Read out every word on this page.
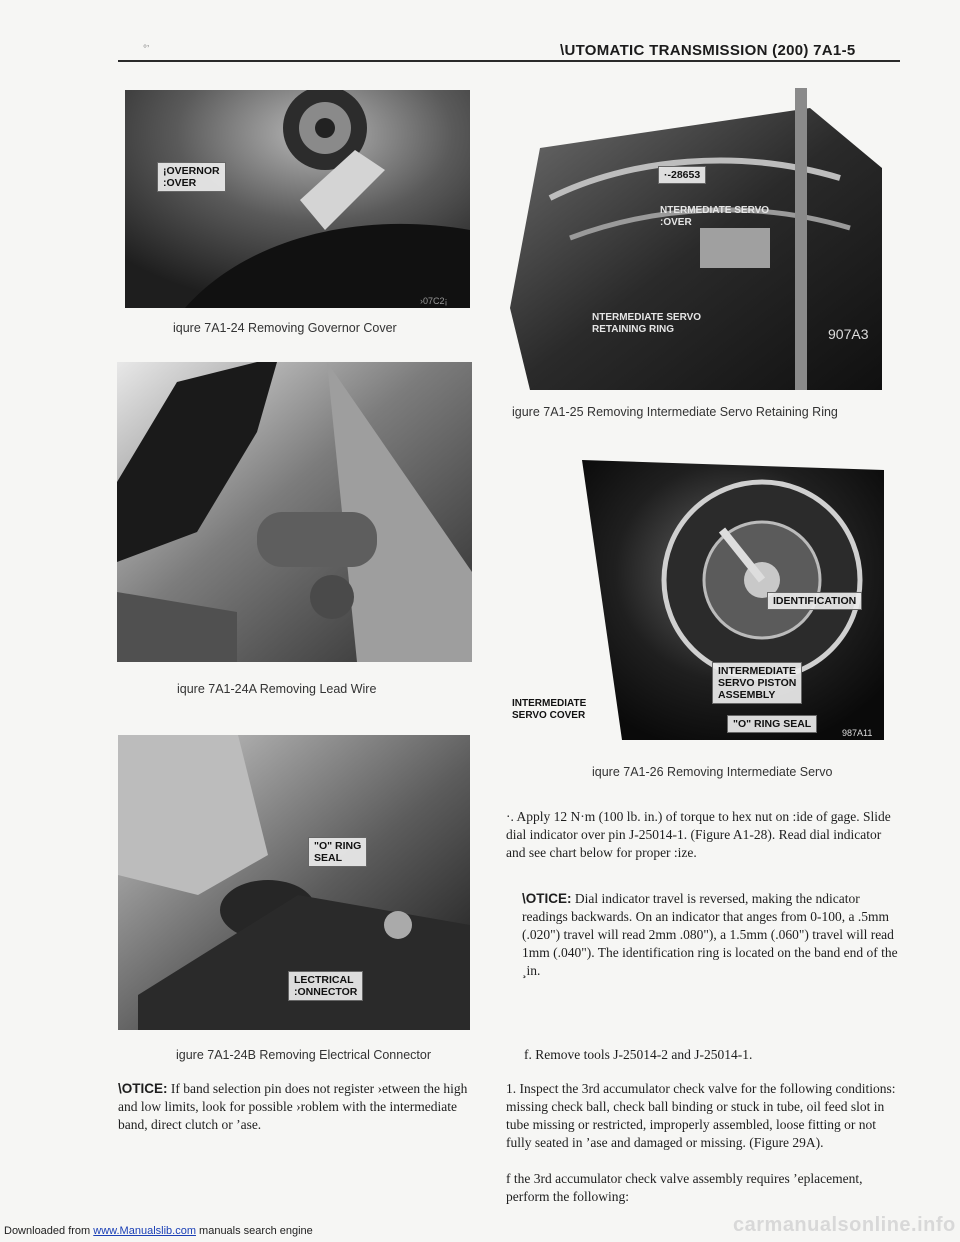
°’	\UTOMATIC TRANSMISSION (200) 7A1-5
¡OVERNOR
:OVER
›07C2¡
iqure 7A1-24 Removing Governor Cover
iqure 7A1-24A Removing Lead Wire
"O" RING
SEAL
LECTRICAL
:ONNECTOR
igure 7A1-24B Removing Electrical Connector

\OTICE: If band selection pin does not register ›etween the high and low limits, look for possible ›roblem with the intermediate band, direct clutch or ’ase.

·-28653
NTERMEDIATE SERVO
:OVER
NTERMEDIATE SERVO
RETAINING RING	907A3
igure 7A1-25 Removing Intermediate Servo Retaining Ring
IDENTIFICATION
INTERMEDIATE
SERVO PISTON
ASSEMBLY
"O" RING SEAL
INTERMEDIATE
SERVO COVER
987A11
iqure 7A1-26 Removing Intermediate Servo
·. Apply 12 N·m (100 lb. in.) of torque to hex nut on :ide of gage. Slide dial indicator over pin J-25014-1. (Figure A1-28). Read dial indicator and see chart below for proper :ize.

\OTICE: Dial indicator travel is reversed, making the ndicator readings backwards. On an indicator that anges from 0-100, a .5mm (.020") travel will read 2mm .080"), a 1.5mm (.060") travel will read 1mm (.040"). The identification ring is located on the band end of the ¸in.

f. Remove tools J-25014-2 and J-25014-1.
1. Inspect the 3rd accumulator check valve for the following conditions: missing check ball, check ball binding or stuck in tube, oil feed slot in tube missing or restricted, improperly assembled, loose fitting or not fully seated in ’ase and damaged or missing. (Figure 29A).
f the 3rd accumulator check valve assembly requires ’eplacement, perform the following:
carmanualsonline.info
Downloaded from www.Manualslib.com manuals search engine
